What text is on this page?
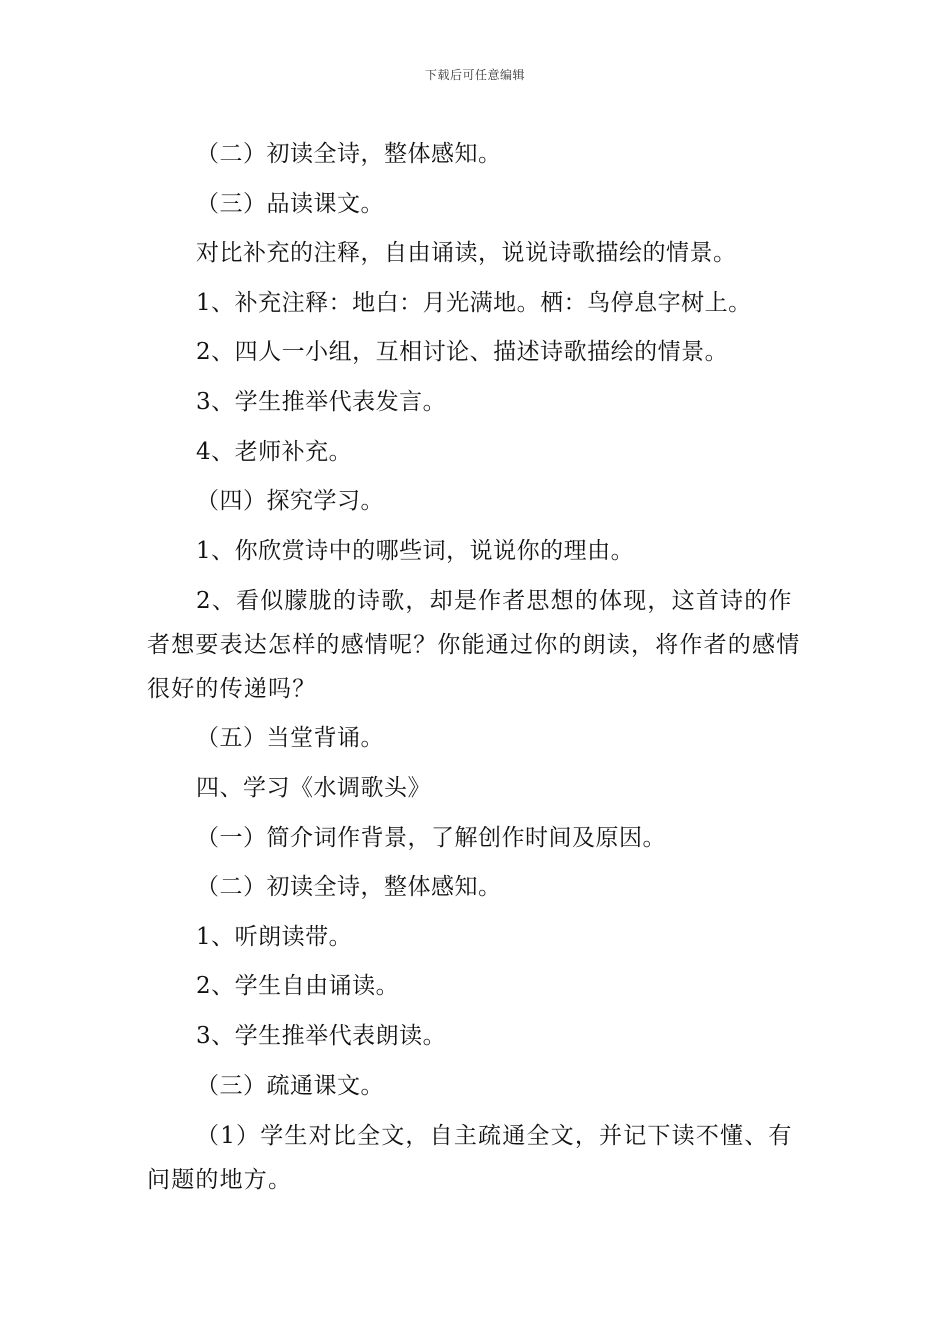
下载后可任意编辑
（二）初读全诗，整体感知。
（三）品读课文。
对比补充的注释，自由诵读，说说诗歌描绘的情景。
1、补充注释：地白：月光满地。栖：鸟停息字树上。
2、四人一小组，互相讨论、描述诗歌描绘的情景。
3、学生推举代表发言。
4、老师补充。
（四）探究学习。
1、你欣赏诗中的哪些词，说说你的理由。
2、看似朦胧的诗歌，却是作者思想的体现，这首诗的作者想要表达怎样的感情呢？你能通过你的朗读，将作者的感情很好的传递吗？
（五）当堂背诵。
四、学习《水调歌头》
（一）简介词作背景，了解创作时间及原因。
（二）初读全诗，整体感知。
1、听朗读带。
2、学生自由诵读。
3、学生推举代表朗读。
（三）疏通课文。
（1）学生对比全文，自主疏通全文，并记下读不懂、有问题的地方。
